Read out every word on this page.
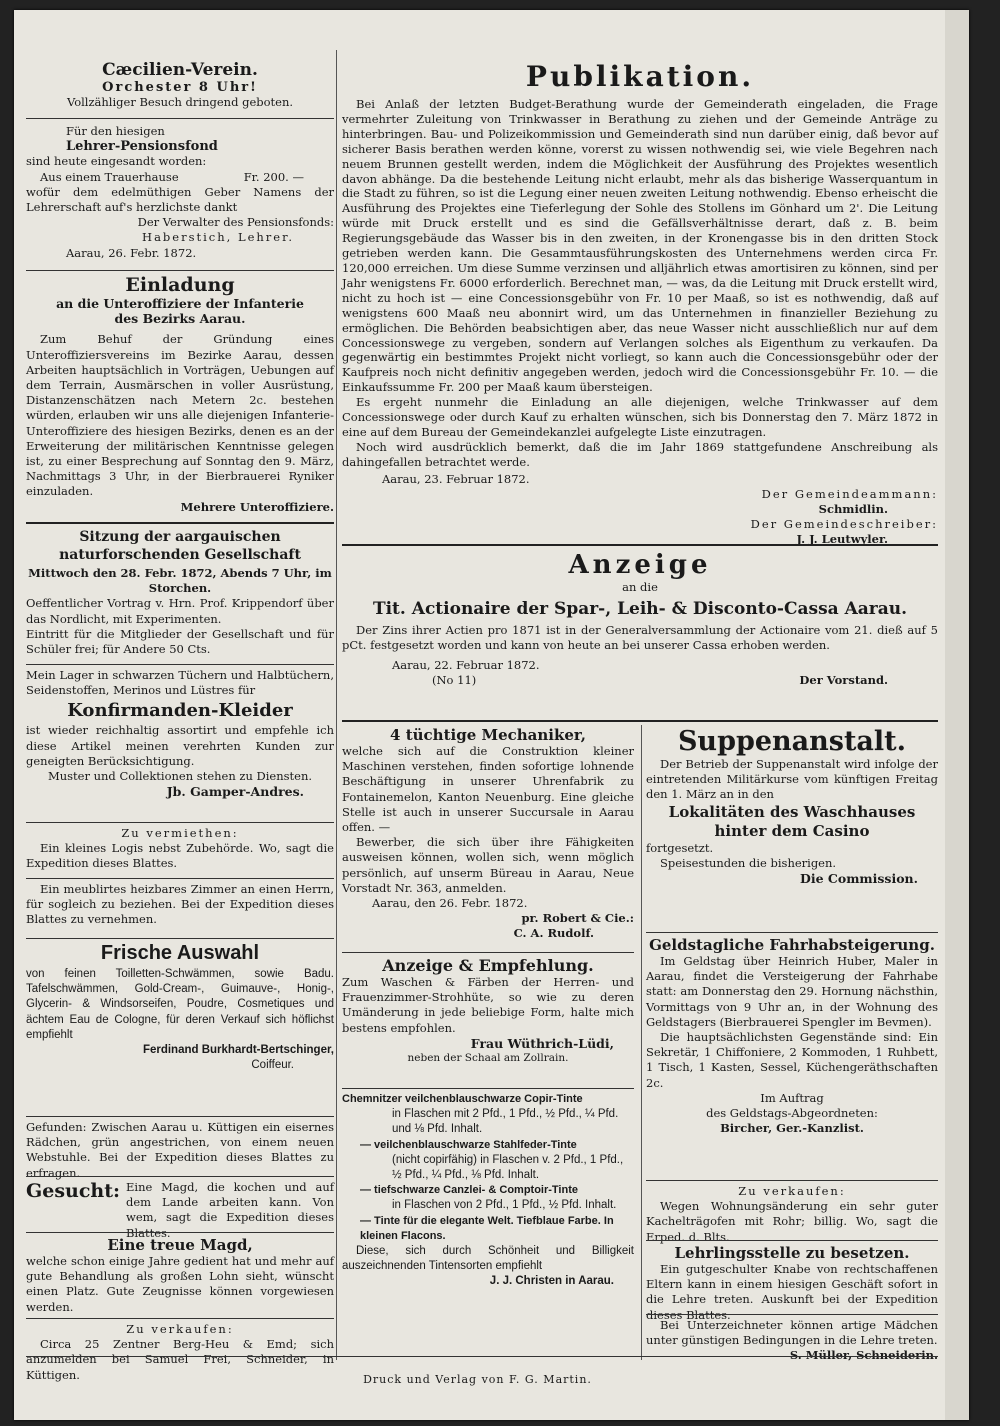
Cæcilien-Verein.

Orchester 8 Uhr!

Vollzähliger Besuch dringend geboten.

Für den hiesigen

Lehrer-Pensionsfond

sind heute eingesandt worden:

Aus einem Trauerhause	Fr. 200. —

wofür dem edelmüthigen Geber Namens der Lehrerschaft auf's herzlichste dankt

Der Verwalter des Pensionsfonds:

Haberstich, Lehrer.

Aarau, 26. Febr. 1872.

Einladung

an die Unteroffiziere der Infanterie

des Bezirks Aarau.

Zum Behuf der Gründung eines Unteroffiziersvereins im Bezirke Aarau, dessen Arbeiten hauptsächlich in Vorträgen, Uebungen auf dem Terrain, Ausmärschen in voller Ausrüstung, Distanzenschätzen nach Metern 2c. bestehen würden, erlauben wir uns alle diejenigen Infanterie-Unteroffiziere des hiesigen Bezirks, denen es an der Erweiterung der militärischen Kenntnisse gelegen ist, zu einer Besprechung auf Sonntag den 9. März, Nachmittags 3 Uhr, in der Bierbrauerei Ryniker einzuladen.

Mehrere Unteroffiziere.

Sitzung der aargauischen naturforschenden Gesellschaft

Mittwoch den 28. Febr. 1872, Abends 7 Uhr, im Storchen.

Oeffentlicher Vortrag v. Hrn. Prof. Krippendorf über das Nordlicht, mit Experimenten.

Eintritt für die Mitglieder der Gesellschaft und für Schüler frei; für Andere 50 Cts.

Mein Lager in schwarzen Tüchern und Halbtüchern, Seidenstoffen, Merinos und Lüstres für

Konfirmanden-Kleider

ist wieder reichhaltig assortirt und empfehle ich diese Artikel meinen verehrten Kunden zur geneigten Berücksichtigung.

Muster und Collektionen stehen zu Diensten.

Jb. Gamper-Andres.

Zu vermiethen:

Ein kleines Logis nebst Zubehörde. Wo, sagt die Expedition dieses Blattes.

Ein meublirtes heizbares Zimmer an einen Herrn, für sogleich zu beziehen. Bei der Expedition dieses Blattes zu vernehmen.

Frische Auswahl

von feinen Toilletten-Schwämmen, sowie Badu. Tafelschwämmen, Gold-Cream-, Guimauve-, Honig-, Glycerin- & Windsorseifen, Poudre, Cosmetiques und ächtem Eau de Cologne, für deren Verkauf sich höflichst empfiehlt

Ferdinand Burkhardt-Bertschinger,

Coiffeur.

Gefunden: Zwischen Aarau u. Küttigen ein eisernes Rädchen, grün angestrichen, von einem neuen Webstuhle. Bei der Expedition dieses Blattes zu erfragen.

Gesucht: Eine Magd, die kochen und auf dem Lande arbeiten kann. Von wem, sagt die Expedition dieses Blattes.

Eine treue Magd,

welche schon einige Jahre gedient hat und mehr auf gute Behandlung als großen Lohn sieht, wünscht einen Platz. Gute Zeugnisse können vorgewiesen werden.

Zu verkaufen:

Circa 25 Zentner Berg-Heu & Emd; sich anzumelden bei Samuel Frei, Schneider, in Küttigen.

Publikation.

Bei Anlaß der letzten Budget-Berathung wurde der Gemeinderath eingeladen, die Frage vermehrter Zuleitung von Trinkwasser in Berathung zu ziehen und der Gemeinde Anträge zu hinterbringen. Bau- und Polizeikommission und Gemeinderath sind nun darüber einig, daß bevor auf sicherer Basis berathen werden könne, vorerst zu wissen nothwendig sei, wie viele Begehren nach neuem Brunnen gestellt werden, indem die Möglichkeit der Ausführung des Projektes wesentlich davon abhänge. Da die bestehende Leitung nicht erlaubt, mehr als das bisherige Wasserquantum in die Stadt zu führen, so ist die Legung einer neuen zweiten Leitung nothwendig. Ebenso erheischt die Ausführung des Projektes eine Tieferlegung der Sohle des Stollens im Gönhard um 2'. Die Leitung würde mit Druck erstellt und es sind die Gefällsverhältnisse derart, daß z. B. beim Regierungsgebäude das Wasser bis in den zweiten, in der Kronengasse bis in den dritten Stock getrieben werden kann. Die Gesammtausführungskosten des Unternehmens werden circa Fr. 120,000 erreichen. Um diese Summe verzinsen und alljährlich etwas amortisiren zu können, sind per Jahr wenigstens Fr. 6000 erforderlich. Berechnet man, — was, da die Leitung mit Druck erstellt wird, nicht zu hoch ist — eine Concessionsgebühr von Fr. 10 per Maaß, so ist es nothwendig, daß auf wenigstens 600 Maaß neu abonnirt wird, um das Unternehmen in finanzieller Beziehung zu ermöglichen. Die Behörden beabsichtigen aber, das neue Wasser nicht ausschließlich nur auf dem Concessionswege zu vergeben, sondern auf Verlangen solches als Eigenthum zu verkaufen. Da gegenwärtig ein bestimmtes Projekt nicht vorliegt, so kann auch die Concessionsgebühr oder der Kaufpreis noch nicht definitiv angegeben werden, jedoch wird die Concessionsgebühr Fr. 10. — die Einkaufssumme Fr. 200 per Maaß kaum übersteigen.

Es ergeht nunmehr die Einladung an alle diejenigen, welche Trinkwasser auf dem Concessionswege oder durch Kauf zu erhalten wünschen, sich bis Donnerstag den 7. März 1872 in eine auf dem Bureau der Gemeindekanzlei aufgelegte Liste einzutragen.

Noch wird ausdrücklich bemerkt, daß die im Jahr 1869 stattgefundene Anschreibung als dahingefallen betrachtet werde.

Aarau, 23. Februar 1872.

Der Gemeindeammann:

Schmidlin.

Der Gemeindeschreiber:

J. J. Leutwyler.

Anzeige

an die

Tit. Actionaire der Spar-, Leih- & Disconto-Cassa Aarau.

Der Zins ihrer Actien pro 1871 ist in der Generalversammlung der Actionaire vom 21. dieß auf 5 pCt. festgesetzt worden und kann von heute an bei unserer Cassa erhoben werden.

Aarau, 22. Februar 1872.

(No 11)	Der Vorstand.

4 tüchtige Mechaniker,

welche sich auf die Construktion kleiner Maschinen verstehen, finden sofortige lohnende Beschäftigung in unserer Uhrenfabrik zu Fontainemelon, Kanton Neuenburg. Eine gleiche Stelle ist auch in unserer Succursale in Aarau offen. —

Bewerber, die sich über ihre Fähigkeiten ausweisen können, wollen sich, wenn möglich persönlich, auf unserm Büreau in Aarau, Neue Vorstadt Nr. 363, anmelden.

Aarau, den 26. Febr. 1872.

pr. Robert & Cie.:

C. A. Rudolf.

Anzeige & Empfehlung.

Zum Waschen & Färben der Herren- und Frauenzimmer-Strohhüte, so wie zu deren Umänderung in jede beliebige Form, halte mich bestens empfohlen.

Frau Wüthrich-Lüdi,

neben der Schaal am Zollrain.

Chemnitzer veilchenblauschwarze Copir-Tinte

in Flaschen mit 2 Pfd., 1 Pfd., ½ Pfd., ¼ Pfd. und ⅛ Pfd. Inhalt.

— veilchenblauschwarze Stahlfeder-Tinte

(nicht copirfähig) in Flaschen v. 2 Pfd., 1 Pfd., ½ Pfd., ¼ Pfd., ⅛ Pfd. Inhalt.

— tiefschwarze Canzlei- & Comptoir-Tinte

in Flaschen von 2 Pfd., 1 Pfd., ½ Pfd. Inhalt.

— Tinte für die elegante Welt. Tiefblaue Farbe. In kleinen Flacons.

Diese, sich durch Schönheit und Billigkeit auszeichnenden Tintensorten empfiehlt

J. J. Christen in Aarau.

Suppenanstalt.

Der Betrieb der Suppenanstalt wird infolge der eintretenden Militärkurse vom künftigen Freitag den 1. März an in den

Lokalitäten des Waschhauses hinter dem Casino

fortgesetzt.

Speisestunden die bisherigen.

Die Commission.

Geldstagliche Fahrhabsteigerung.

Im Geldstag über Heinrich Huber, Maler in Aarau, findet die Versteigerung der Fahrhabe statt: am Donnerstag den 29. Hornung nächsthin, Vormittags von 9 Uhr an, in der Wohnung des Geldstagers (Bierbrauerei Spengler im Bevmen).

Die hauptsächlichsten Gegenstände sind: Ein Sekretär, 1 Chiffoniere, 2 Kommoden, 1 Ruhbett, 1 Tisch, 1 Kasten, Sessel, Küchengeräthschaften 2c.

Im Auftrag

des Geldstags-Abgeordneten:

Bircher, Ger.-Kanzlist.

Zu verkaufen:

Wegen Wohnungsänderung ein sehr guter Kachelträgofen mit Rohr; billig. Wo, sagt die Erped. d. Blts.

Lehrlingsstelle zu besetzen.

Ein gutgeschulter Knabe von rechtschaffenen Eltern kann in einem hiesigen Geschäft sofort in die Lehre treten. Auskunft bei der Expedition dieses Blattes.

Bei Unterzeichneter können artige Mädchen unter günstigen Bedingungen in die Lehre treten.

S. Müller, Schneiderin.

Druck und Verlag von F. G. Martin.
